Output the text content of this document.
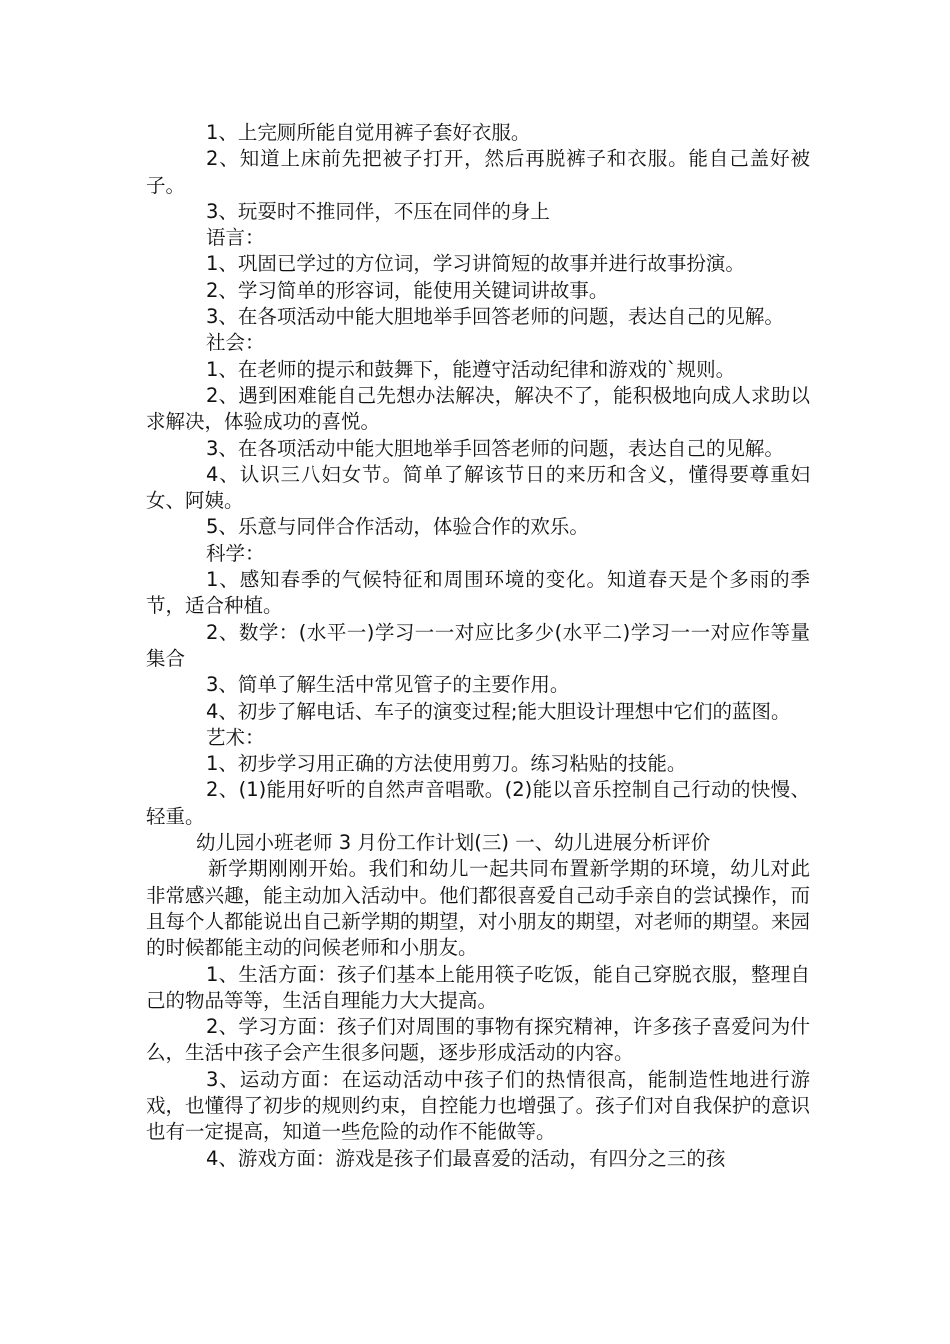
1、上完厕所能自觉用裤子套好衣服。

2、知道上床前先把被子打开，然后再脱裤子和衣服。能自己盖好被子。

3、玩耍时不推同伴，不压在同伴的身上

语言：

1、巩固已学过的方位词，学习讲简短的故事并进行故事扮演。

2、学习简单的形容词，能使用关键词讲故事。

3、在各项活动中能大胆地举手回答老师的问题，表达自己的见解。

社会：

1、在老师的提示和鼓舞下，能遵守活动纪律和游戏的`规则。

2、遇到困难能自己先想办法解决，解决不了，能积极地向成人求助以求解决，体验成功的喜悦。

3、在各项活动中能大胆地举手回答老师的问题，表达自己的见解。

4、认识三八妇女节。简单了解该节日的来历和含义，懂得要尊重妇女、阿姨。

5、乐意与同伴合作活动，体验合作的欢乐。

科学：

1、感知春季的气候特征和周围环境的变化。知道春天是个多雨的季节，适合种植。

2、数学：(水平一)学习一一对应比多少(水平二)学习一一对应作等量集合

3、简单了解生活中常见管子的主要作用。

4、初步了解电话、车子的演变过程;能大胆设计理想中它们的蓝图。

艺术：

1、初步学习用正确的方法使用剪刀。练习粘贴的技能。

2、(1)能用好听的自然声音唱歌。(2)能以音乐控制自己行动的快慢、轻重。

幼儿园小班老师 3 月份工作计划(三) 一、幼儿进展分析评价

新学期刚刚开始。我们和幼儿一起共同布置新学期的环境，幼儿对此非常感兴趣，能主动加入活动中。他们都很喜爱自己动手亲自的尝试操作，而且每个人都能说出自己新学期的期望，对小朋友的期望，对老师的期望。来园的时候都能主动的问候老师和小朋友。

1、生活方面：孩子们基本上能用筷子吃饭，能自己穿脱衣服，整理自己的物品等等，生活自理能力大大提高。

2、学习方面：孩子们对周围的事物有探究精神，许多孩子喜爱问为什么，生活中孩子会产生很多问题，逐步形成活动的内容。

3、运动方面：在运动活动中孩子们的热情很高，能制造性地进行游戏，也懂得了初步的规则约束，自控能力也增强了。孩子们对自我保护的意识也有一定提高，知道一些危险的动作不能做等。

4、游戏方面：游戏是孩子们最喜爱的活动，有四分之三的孩
